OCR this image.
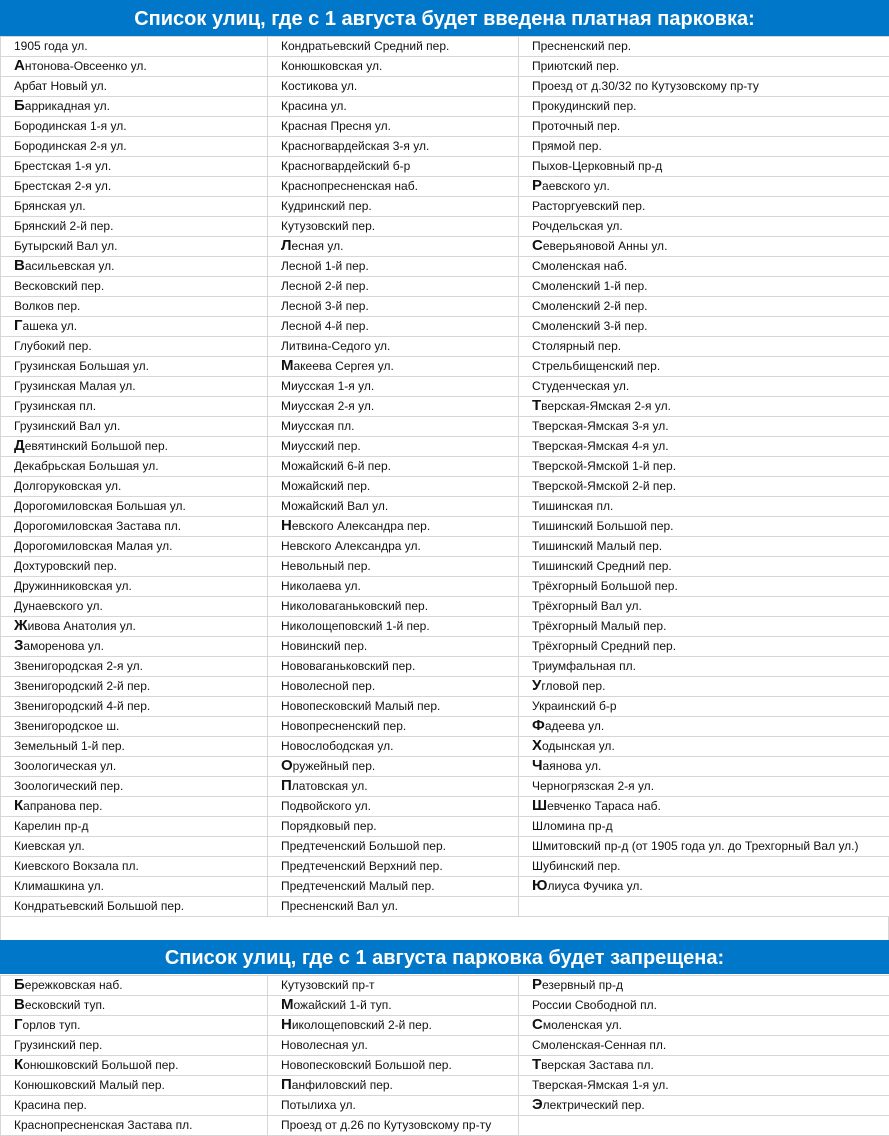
Список улиц, где с 1 августа будет введена платная парковка:
1905 года ул.	Кондратьевский Средний пер.	Пресненский пер.
Антонова-Овсеенко ул.	Конюшковская ул.	Приютский пер.
Арбат Новый ул.	Костикова ул.	Проезд от д.30/32 по Кутузовскому пр-ту
Баррикадная ул.	Красина ул.	Прокудинский пер.
Бородинская 1-я ул.	Красная Пресня ул.	Проточный пер.
Бородинская 2-я ул.	Красногвардейская 3-я ул.	Прямой пер.
Брестская 1-я ул.	Красногвардейский б-р	Пыхов-Церковный пр-д
Брестская 2-я ул.	Краснопресненская наб.	Раевского ул.
Брянская ул.	Кудринский пер.	Расторгуевский пер.
Брянский 2-й пер.	Кутузовский пер.	Рочдельская ул.
Бутырский Вал ул.	Лесная ул.	Северьяновой Анны ул.
Васильевская ул.	Лесной 1-й пер.	Смоленская наб.
Весковский пер.	Лесной 2-й пер.	Смоленский 1-й пер.
Волков пер.	Лесной 3-й пер.	Смоленский 2-й пер.
Гашека ул.	Лесной 4-й пер.	Смоленский 3-й пер.
Глубокий пер.	Литвина-Седого ул.	Столярный пер.
Грузинская Большая ул.	Макеева Сергея ул.	Стрельбищенский пер.
Грузинская Малая ул.	Миусская 1-я ул.	Студенческая ул.
Грузинская пл.	Миусская 2-я ул.	Тверская-Ямская 2-я ул.
Грузинский Вал ул.	Миусская пл.	Тверская-Ямская 3-я ул.
Девятинский Большой пер.	Миусский пер.	Тверская-Ямская 4-я ул.
Декабрьская Большая ул.	Можайский 6-й пер.	Тверской-Ямской 1-й пер.
Долгоруковская ул.	Можайский пер.	Тверской-Ямской 2-й пер.
Дорогомиловская Большая ул.	Можайский Вал ул.	Тишинская пл.
Дорогомиловская Застава пл.	Невского Александра пер.	Тишинский Большой пер.
Дорогомиловская Малая ул.	Невского Александра ул.	Тишинский Малый пер.
Дохтуровский пер.	Невольный пер.	Тишинский Средний пер.
Дружинниковская ул.	Николаева ул.	Трёхгорный Большой пер.
Дунаевского ул.	Николоваганьковский пер.	Трёхгорный Вал ул.
Живова Анатолия ул.	Николощеповский 1-й пер.	Трёхгорный Малый пер.
Заморенова ул.	Новинский пер.	Трёхгорный Средний пер.
Звенигородская 2-я ул.	Нововаганьковский пер.	Триумфальная пл.
Звенигородский 2-й пер.	Новолесной пер.	Угловой пер.
Звенигородский 4-й пер.	Новопесковский Малый пер.	Украинский б-р
Звенигородское ш.	Новопресненский пер.	Фадеева ул.
Земельный 1-й пер.	Новослободская ул.	Ходынская ул.
Зоологическая ул.	Оружейный пер.	Чаянова ул.
Зоологический пер.	Платовская ул.	Черногрязская 2-я ул.
Капранова пер.	Подвойского ул.	Шевченко Тараса наб.
Карелин пр-д	Порядковый пер.	Шломина пр-д
Киевская ул.	Предтеченский Большой пер.	Шмитовский пр-д (от 1905 года ул. до Трехгорный Вал ул.)
Киевского Вокзала пл.	Предтеченский Верхний пер.	Шубинский пер.
Климашкина ул.	Предтеченский Малый пер.	Юлиуса Фучика ул.
Кондратьевский Большой пер.	Пресненский Вал ул.	
Список улиц, где с 1 августа парковка будет запрещена:
Бережковская наб.	Кутузовский пр-т	Резервный пр-д
Весковский туп.	Можайский 1-й туп.	России Свободной пл.
Горлов туп.	Николощеповский 2-й пер.	Смоленская ул.
Грузинский пер.	Новолесная ул.	Смоленская-Сенная пл.
Конюшковский Большой пер.	Новопесковский Большой пер.	Тверская Застава пл.
Конюшковский Малый пер.	Панфиловский пер.	Тверская-Ямская 1-я ул.
Красина пер.	Потылиха ул.	Электрический пер.
Краснопресненская Застава пл.	Проезд от д.26 по Кутузовскому пр-ту	
